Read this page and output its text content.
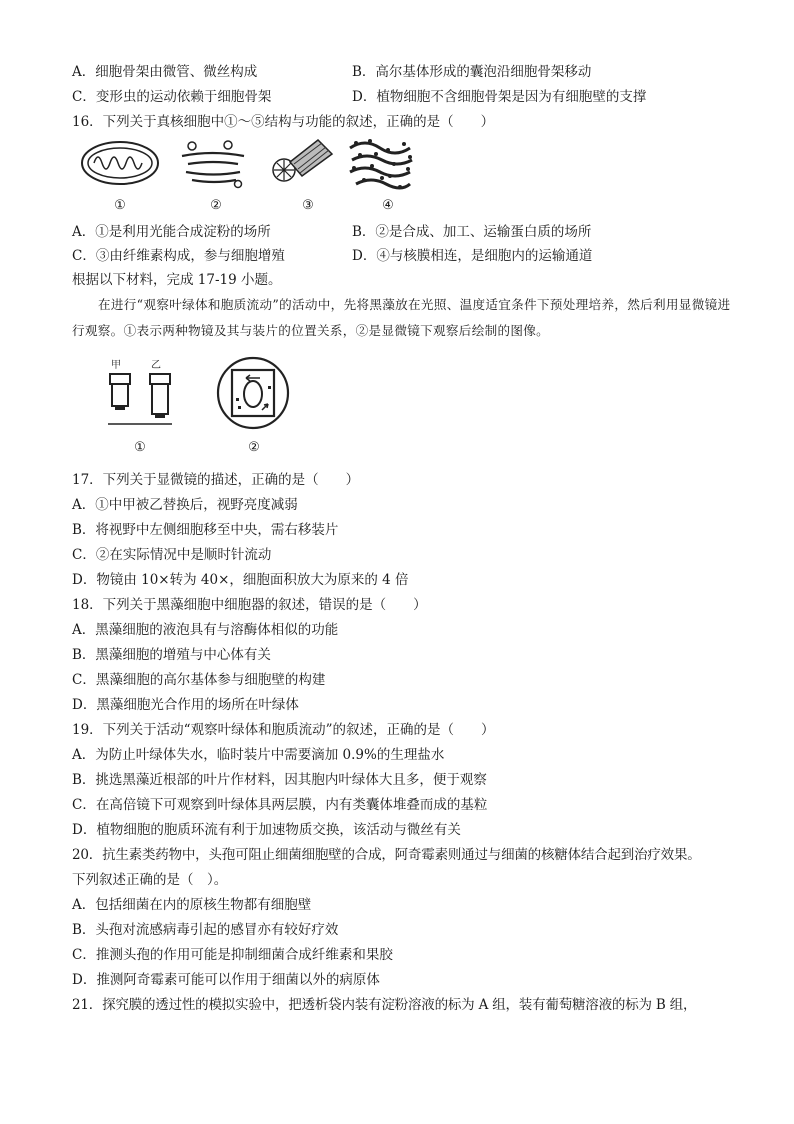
A．细胞骨架由微管、微丝构成	B．高尔基体形成的囊泡沿细胞骨架移动
C．变形虫的运动依赖于细胞骨架	D．植物细胞不含细胞骨架是因为有细胞壁的支撑
16．下列关于真核细胞中①～⑤结构与功能的叙述，正确的是（　　）
①	②	③	④
A．①是利用光能合成淀粉的场所	B．②是合成、加工、运输蛋白质的场所
C．③由纤维素构成，参与细胞增殖	D．④与核膜相连，是细胞内的运输通道
根据以下材料，完成 17-19 小题。
在进行“观察叶绿体和胞质流动”的活动中，先将黑藻放在光照、温度适宜条件下预处理培养，然后利用显微镜进行观察。①表示两种物镜及其与装片的位置关系，②是显微镜下观察后绘制的图像。
甲	乙
①	②
17．下列关于显微镜的描述，正确的是（　　）
A．①中甲被乙替换后，视野亮度减弱
B．将视野中左侧细胞移至中央，需右移装片
C．②在实际情况中是顺时针流动
D．物镜由 10×转为 40×，细胞面积放大为原来的 4 倍
18．下列关于黑藻细胞中细胞器的叙述，错误的是（　　）
A．黑藻细胞的液泡具有与溶酶体相似的功能
B．黑藻细胞的增殖与中心体有关
C．黑藻细胞的高尔基体参与细胞壁的构建
D．黑藻细胞光合作用的场所在叶绿体
19．下列关于活动“观察叶绿体和胞质流动”的叙述，正确的是（　　）
A．为防止叶绿体失水，临时装片中需要滴加 0.9%的生理盐水
B．挑选黑藻近根部的叶片作材料，因其胞内叶绿体大且多，便于观察
C．在高倍镜下可观察到叶绿体具两层膜，内有类囊体堆叠而成的基粒
D．植物细胞的胞质环流有利于加速物质交换，该活动与微丝有关
20．抗生素类药物中，头孢可阻止细菌细胞壁的合成，阿奇霉素则通过与细菌的核糖体结合起到治疗效果。
下列叙述正确的是（　）。
A．包括细菌在内的原核生物都有细胞壁
B．头孢对流感病毒引起的感冒亦有较好疗效
C．推测头孢的作用可能是抑制细菌合成纤维素和果胶
D．推测阿奇霉素可能可以作用于细菌以外的病原体
21．探究膜的透过性的模拟实验中，把透析袋内装有淀粉溶液的标为 A 组，装有葡萄糖溶液的标为 B 组，
